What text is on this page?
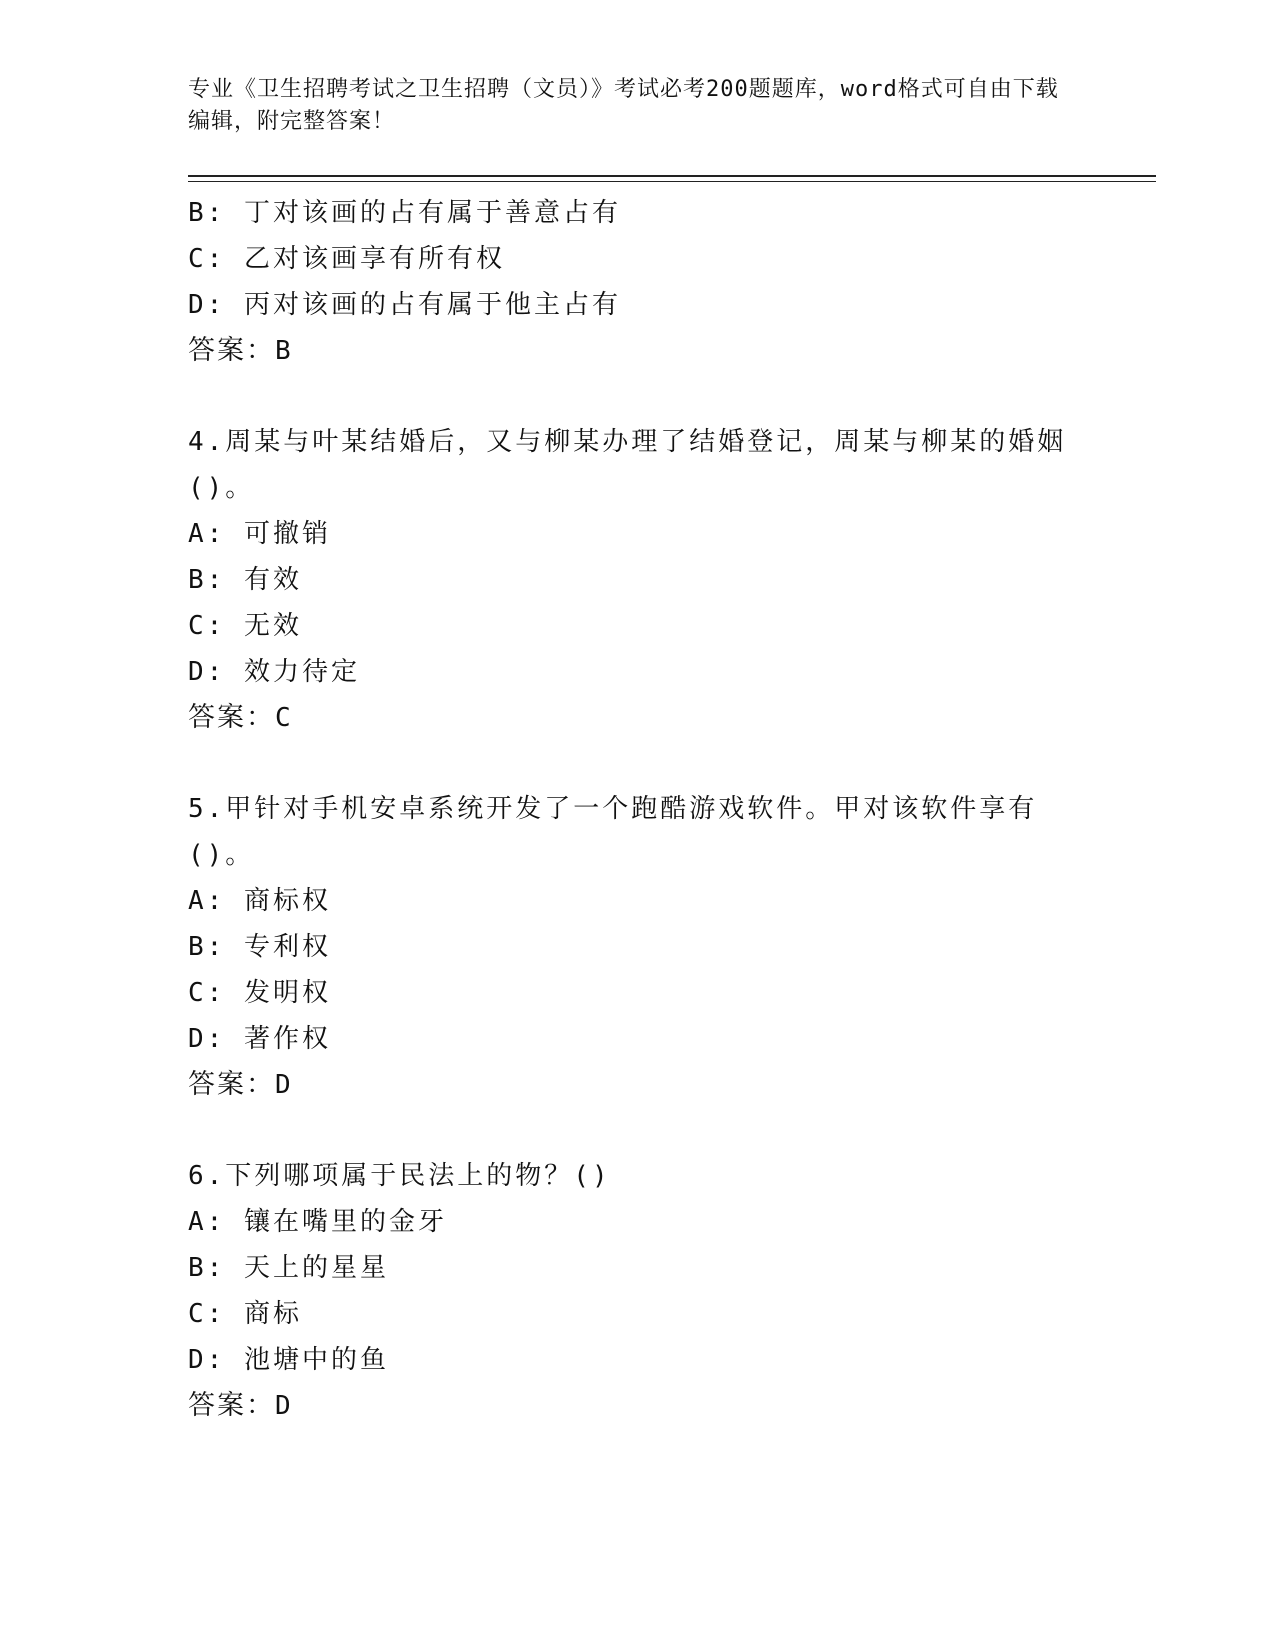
专业《卫生招聘考试之卫生招聘（文员）》考试必考200题题库，word格式可自由下载编辑，附完整答案！
B: 丁对该画的占有属于善意占有
C: 乙对该画享有所有权
D: 丙对该画的占有属于他主占有
答案：B
4.周某与叶某结婚后，又与柳某办理了结婚登记，周某与柳某的婚姻()。
A: 可撤销
B: 有效
C: 无效
D: 效力待定
答案：C
5.甲针对手机安卓系统开发了一个跑酷游戏软件。甲对该软件享有()。
A: 商标权
B: 专利权
C: 发明权
D: 著作权
答案：D
6.下列哪项属于民法上的物？()
A: 镶在嘴里的金牙
B: 天上的星星
C: 商标
D: 池塘中的鱼
答案：D
